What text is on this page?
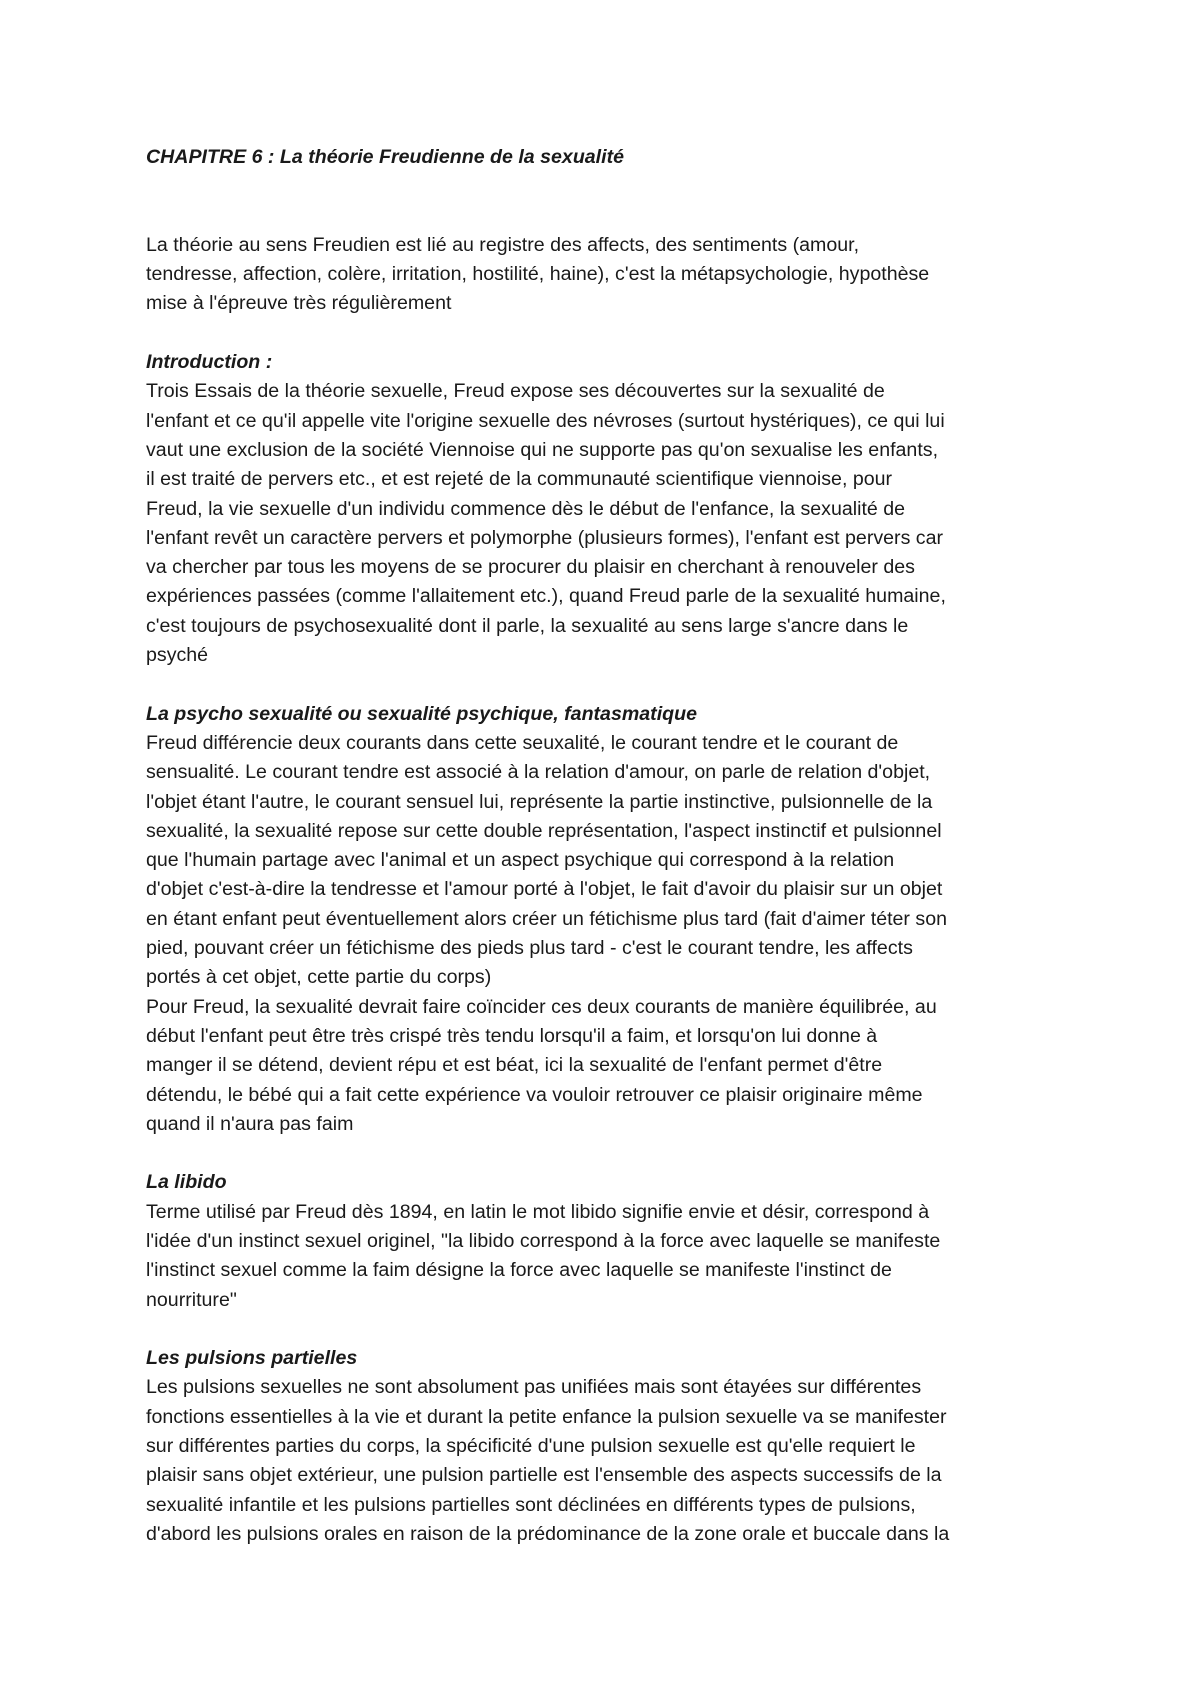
CHAPITRE 6 : La théorie Freudienne de la sexualité

La théorie au sens Freudien est lié au registre des affects, des sentiments (amour,
tendresse, affection, colère, irritation, hostilité, haine), c'est la métapsychologie, hypothèse
mise à l'épreuve très régulièrement

Introduction :

Trois Essais de la théorie sexuelle, Freud expose ses découvertes sur la sexualité de
l'enfant et ce qu'il appelle vite l'origine sexuelle des névroses (surtout hystériques), ce qui lui
vaut une exclusion de la société Viennoise qui ne supporte pas qu'on sexualise les enfants,
il est traité de pervers etc., et est rejeté de la communauté scientifique viennoise, pour
Freud, la vie sexuelle d'un individu commence dès le début de l'enfance, la sexualité de
l'enfant revêt un caractère pervers et polymorphe (plusieurs formes), l'enfant est pervers car
va chercher par tous les moyens de se procurer du plaisir en cherchant à renouveler des
expériences passées (comme l'allaitement etc.), quand Freud parle de la sexualité humaine,
c'est toujours de psychosexualité dont il parle, la sexualité au sens large s'ancre dans le
psyché

La psycho sexualité ou sexualité psychique, fantasmatique

Freud différencie deux courants dans cette seuxalité, le courant tendre et le courant de
sensualité. Le courant tendre est associé à la relation d'amour, on parle de relation d'objet,
l'objet étant l'autre, le courant sensuel lui, représente la partie instinctive, pulsionnelle de la
sexualité, la sexualité repose sur cette double représentation, l'aspect instinctif et pulsionnel
que l'humain partage avec l'animal et un aspect psychique qui correspond à la relation
d'objet c'est-à-dire la tendresse et l'amour porté à l'objet, le fait d'avoir du plaisir sur un objet
en étant enfant peut éventuellement alors créer un fétichisme plus tard (fait d'aimer téter son
pied, pouvant créer un fétichisme des pieds plus tard - c'est le courant tendre, les affects
portés à cet objet, cette partie du corps)
Pour Freud, la sexualité devrait faire coïncider ces deux courants de manière équilibrée, au
début l'enfant peut être très crispé très tendu lorsqu'il a faim, et lorsqu'on lui donne à
manger il se détend, devient répu et est béat, ici la sexualité de l'enfant permet d'être
détendu, le bébé qui a fait cette expérience va vouloir retrouver ce plaisir originaire même
quand il n'aura pas faim

La libido

Terme utilisé par Freud dès 1894, en latin le mot libido signifie envie et désir, correspond à
l'idée d'un instinct sexuel originel, "la libido correspond à la force avec laquelle se manifeste
l'instinct sexuel comme la faim désigne la force avec laquelle se manifeste l'instinct de
nourriture"

Les pulsions partielles

Les pulsions sexuelles ne sont absolument pas unifiées mais sont étayées sur différentes
fonctions essentielles à la vie et durant la petite enfance la pulsion sexuelle va se manifester
sur différentes parties du corps, la spécificité d'une pulsion sexuelle est qu'elle requiert le
plaisir sans objet extérieur, une pulsion partielle est l'ensemble des aspects successifs de la
sexualité infantile et les pulsions partielles sont déclinées en différents types de pulsions,
d'abord les pulsions orales en raison de la prédominance de la zone orale et buccale dans la
